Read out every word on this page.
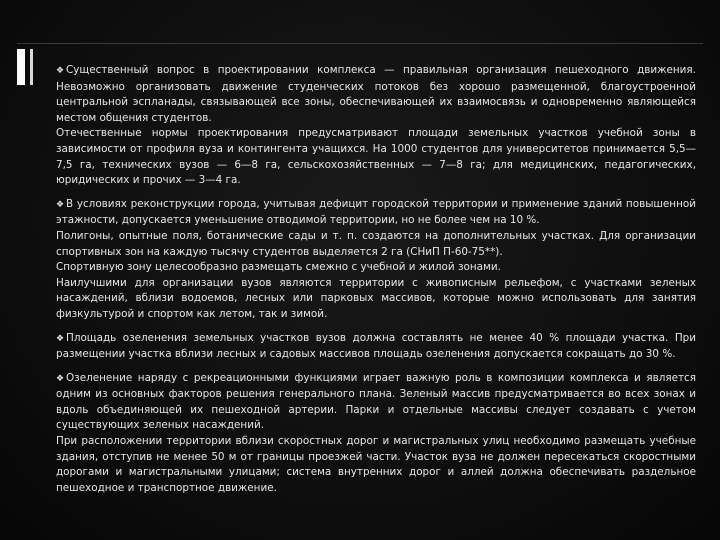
❖ Существенный вопрос в проектировании комплекса — правильная организация пешеходного движения. Невозможно организовать движение студенческих потоков без хорошо размещенной, благоустроенной центральной эспланады, связывающей все зоны, обеспечивающей их взаимосвязь и одновременно являющейся местом общения студентов.

Отечественные нормы проектирования предусматривают площади земельных участков учебной зоны в зависимости от профиля вуза и контингента учащихся. На 1000 студентов для университетов принимается 5,5—7,5 га, технических вузов — 6—8 га, сельскохозяйственных — 7—8 га; для медицинских, педагогических, юридических и прочих — 3—4 га.

❖ В условиях реконструкции города, учитывая дефицит городской территории и применение зданий повышенной этажности, допускается уменьшение отводимой территории, но не более чем на 10 %.

Полигоны, опытные поля, ботанические сады и т. п. создаются на дополнительных участках. Для организации спортивных зон на каждую тысячу студентов выделяется 2 га (СНиП П-60-75**).

Спортивную зону целесообразно размещать смежно с учебной и жилой зонами.

Наилучшими для организации вузов являются территории с живописным рельефом, с участками зеленых насаждений, вблизи водоемов, лесных или парковых массивов, которые можно использовать для занятия физкультурой и спортом как летом, так и зимой.

❖ Площадь озеленения земельных участков вузов должна составлять не менее 40 % площади участка. При размещении участка вблизи лесных и садовых массивов площадь озеленения допускается сокращать до 30 %.

❖ Озеленение наряду с рекреационными функциями играет важную роль в композиции комплекса и является одним из основных факторов решения генерального плана. Зеленый массив предусматривается во всех зонах и вдоль объединяющей их пешеходной артерии. Парки и отдельные массивы следует создавать с учетом существующих зеленых насаждений.

При расположении территории вблизи скоростных дорог и магистральных улиц необходимо размещать учебные здания, отступив не менее 50 м от границы проезжей части. Участок вуза не должен пересекаться скоростными дорогами и магистральными улицами; система внутренних дорог и аллей должна обеспечивать раздельное пешеходное и транспортное движение.
